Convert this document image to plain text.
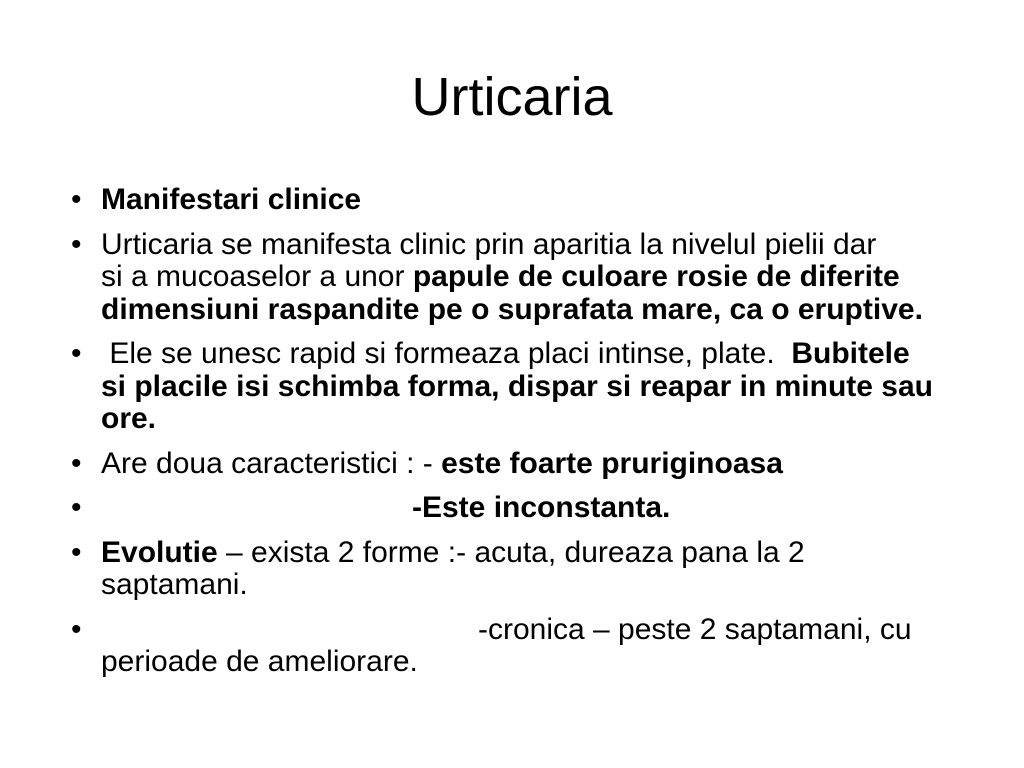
Urticaria
• Manifestari clinice
• Urticaria se manifesta clinic prin aparitia la nivelul pielii dar
si a mucoaselor a unor papule de culoare rosie de diferite
dimensiuni raspandite pe o suprafata mare, ca o eruptive.
• Ele se unesc rapid si formeaza placi intinse, plate.  Bubitele
si placile isi schimba forma, dispar si reapar in minute sau
ore.
• Are doua caracteristici : - este foarte pruriginoasa
•	-Este inconstanta.
• Evolutie – exista 2 forme :- acuta, dureaza pana la 2
saptamani.
•	-cronica – peste 2 saptamani, cu
perioade de ameliorare.
